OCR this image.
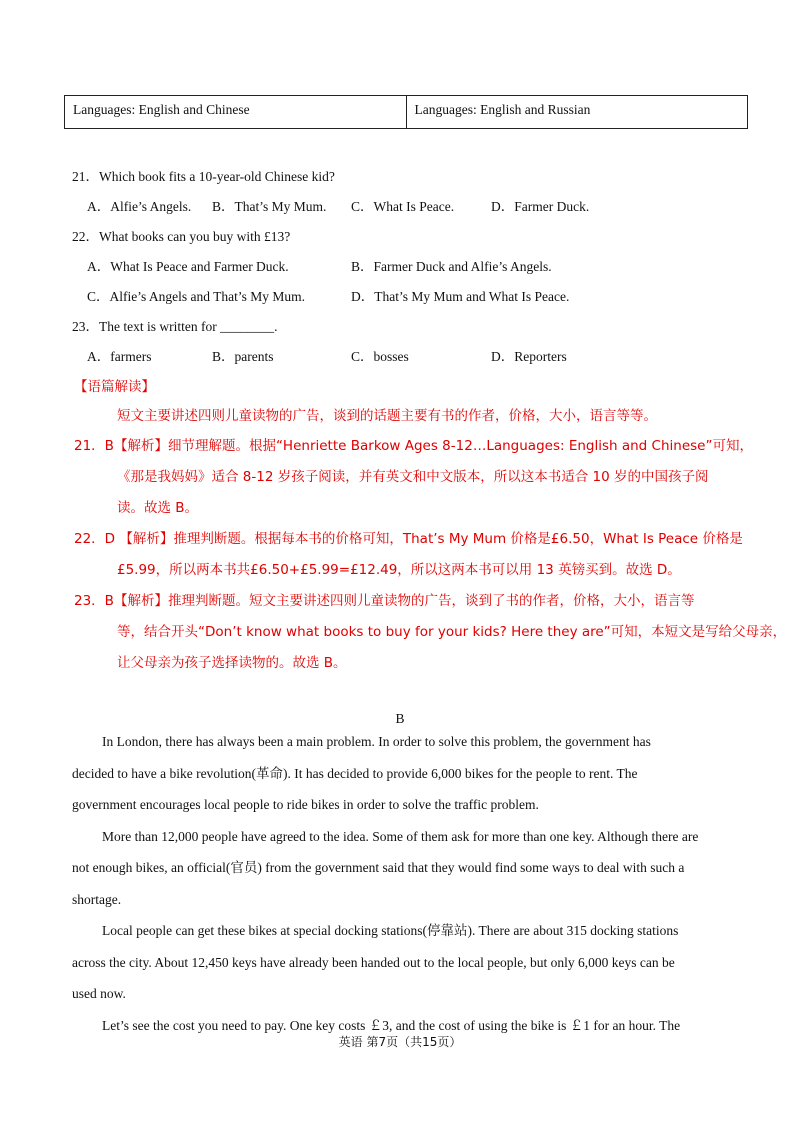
Languages: English and Chinese	Languages: English and Russian
21．Which book fits a 10-year-old Chinese kid?
A．Alfie’s Angels. B．That’s My Mum. C．What Is Peace.	D．Farmer Duck.
22．What books can you buy with £13?
A．What Is Peace and Farmer Duck.	B．Farmer Duck and Alfie’s Angels.
C．Alfie’s Angels and That’s My Mum.	D．That’s My Mum and What Is Peace.
23．The text is written for ________.
A．farmers	B．parents	C．bosses	D．Reporters
【语篇解读】
短文主要讲述四则儿童读物的广告，谈到的话题主要有书的作者，价格，大小，语言等等。
21．B【解析】细节理解题。根据“Henriette Barkow Ages 8-12…Languages: English and Chinese”可知，
《那是我妈妈》适合 8-12 岁孩子阅读，并有英文和中文版本，所以这本书适合 10 岁的中国孩子阅
读。故选 B。
22．D 【解析】推理判断题。根据每本书的价格可知，That’s My Mum 价格是£6.50，What Is Peace 价格是
£5.99，所以两本书共£6.50+£5.99=£12.49，所以这两本书可以用 13 英镑买到。故选 D。
23．B【解析】推理判断题。短文主要讲述四则儿童读物的广告，谈到了书的作者，价格，大小，语言等
等，结合开头“Don’t know what books to buy for your kids? Here they are”可知，本短文是写给父母亲，
让父母亲为孩子选择读物的。故选 B。
B
In London, there has always been a main problem. In order to solve this problem, the government has
decided to have a bike revolution(革命). It has decided to provide 6,000 bikes for the people to rent. The
government encourages local people to ride bikes in order to solve the traffic problem.
More than 12,000 people have agreed to the idea. Some of them ask for more than one key. Although there are
not enough bikes, an official(官员) from the government said that they would find some ways to deal with such a
shortage.
Local people can get these bikes at special docking stations(停靠站). There are about 315 docking stations
across the city. About 12,450 keys have already been handed out to the local people, but only 6,000 keys can be
used now.
Let’s see the cost you need to pay. One key costs ￡3, and the cost of using the bike is ￡1 for an hour. The
英语 第7页（共15页）
